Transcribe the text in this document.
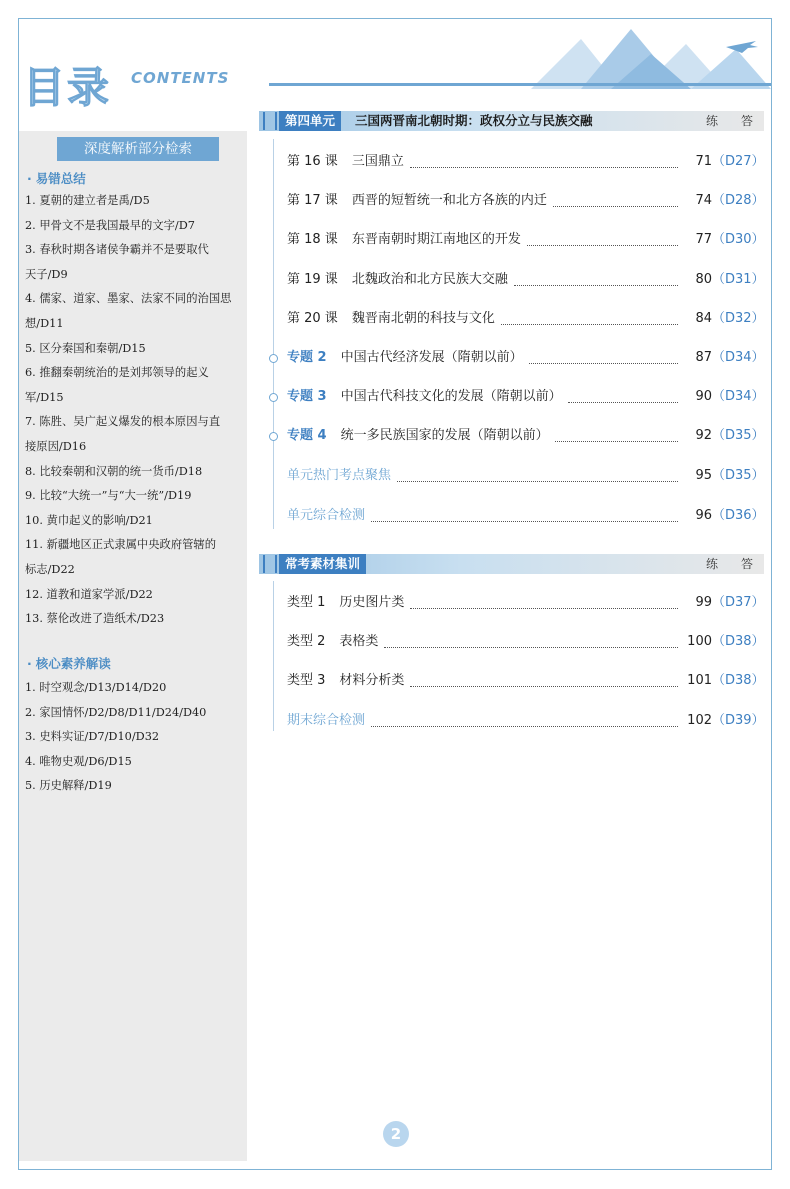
目录 CONTENTS
深度解析部分检索
· 易错总结
1. 夏朝的建立者是禹/D5
2. 甲骨文不是我国最早的文字/D7
3. 春秋时期各诸侯争霸并不是要取代
天子/D9
4. 儒家、道家、墨家、法家不同的治国思
想/D11
5. 区分秦国和秦朝/D15
6. 推翻秦朝统治的是刘邦领导的起义
军/D15
7. 陈胜、吴广起义爆发的根本原因与直
接原因/D16
8. 比较秦朝和汉朝的统一货币/D18
9. 比较“大统一”与“大一统”/D19
10. 黄巾起义的影响/D21
11. 新疆地区正式隶属中央政府管辖的
标志/D22
12. 道教和道家学派/D22
13. 蔡伦改进了造纸术/D23
· 核心素养解读
1. 时空观念/D13/D14/D20
2. 家国情怀/D2/D8/D11/D24/D40
3. 史料实证/D7/D10/D32
4. 唯物史观/D6/D15
5. 历史解释/D19
第四单元	三国两晋南北朝时期：政权分立与民族交融	练 答
第 16 课 三国鼎立	71 （D27）
第 17 课 西晋的短暂统一和北方各族的内迁	74 （D28）
第 18 课 东晋南朝时期江南地区的开发	77 （D30）
第 19 课 北魏政治和北方民族大交融	80 （D31）
第 20 课 魏晋南北朝的科技与文化	84 （D32）
专题 2 中国古代经济发展（隋朝以前）	87 （D34）
专题 3 中国古代科技文化的发展（隋朝以前）	90 （D34）
专题 4 统一多民族国家的发展（隋朝以前）	92 （D35）
单元热门考点聚焦	95 （D35）
单元综合检测	96 （D36）
常考素材集训	练 答
类型 1 历史图片类	99 （D37）
类型 2 表格类	100 （D38）
类型 3 材料分析类	101 （D38）
期末综合检测	102 （D39）
2
